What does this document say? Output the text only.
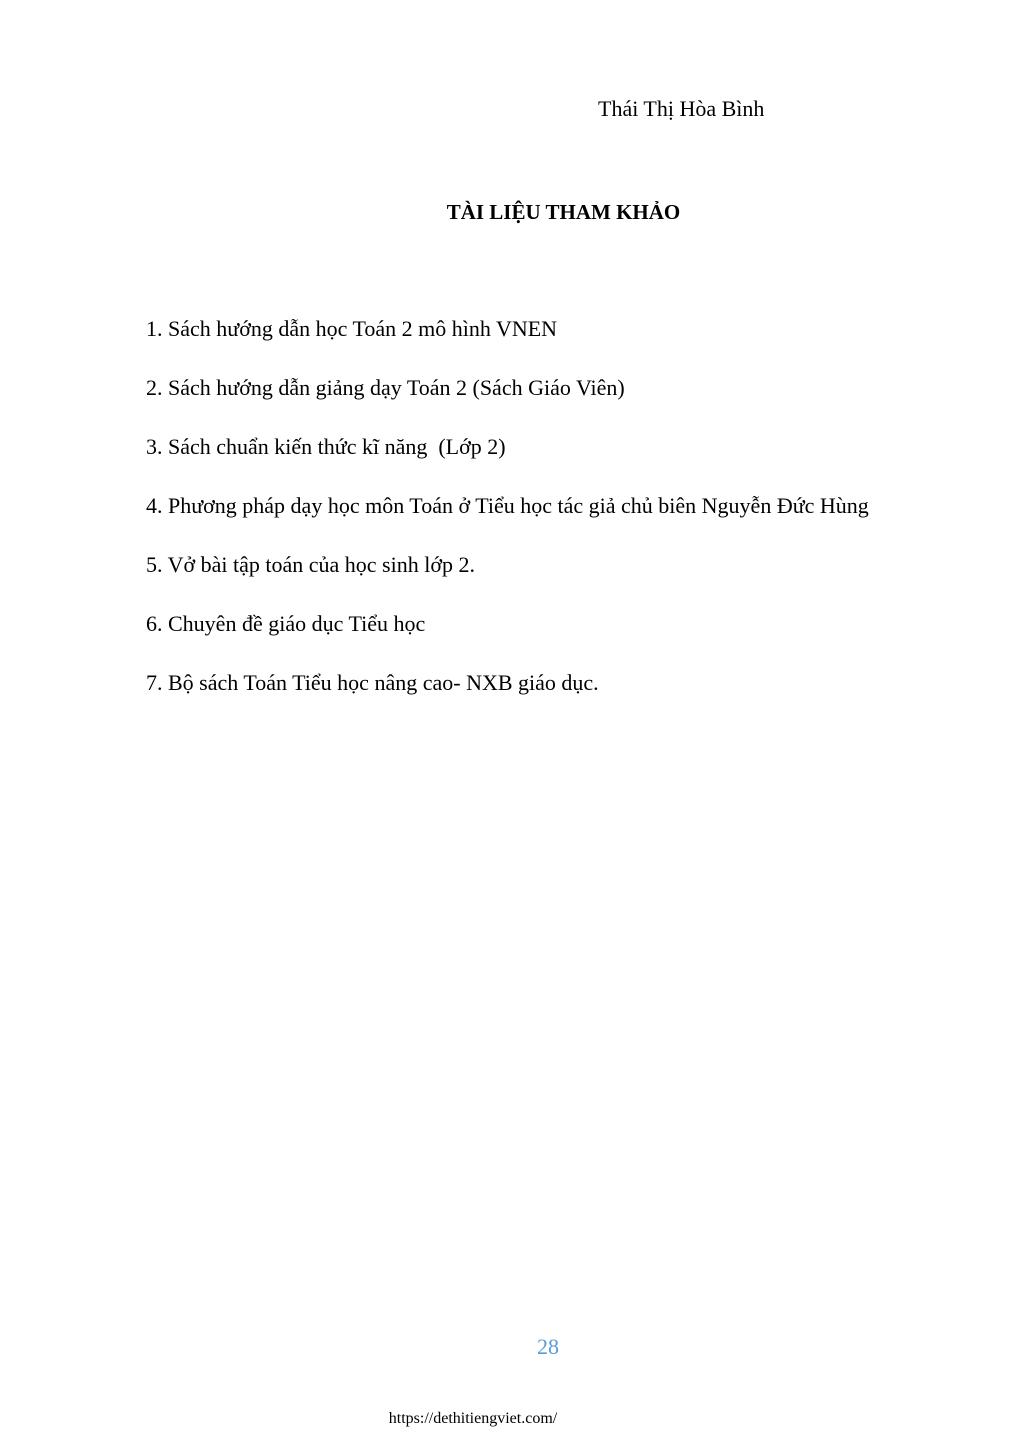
Thái Thị Hòa Bình
TÀI LIỆU THAM KHẢO
1. Sách hướng dẫn học Toán 2 mô hình VNEN
2. Sách hướng dẫn giảng dạy Toán 2 (Sách Giáo Viên)
3. Sách chuẩn kiến thức kĩ năng  (Lớp 2)
4. Phương pháp dạy học môn Toán ở Tiểu học tác giả chủ biên Nguyễn Đức Hùng
5. Vở bài tập toán của học sinh lớp 2.
6. Chuyên đề giáo dục Tiểu học
7. Bộ sách Toán Tiểu học nâng cao- NXB giáo dục.
28
https://dethitiengviet.com/
